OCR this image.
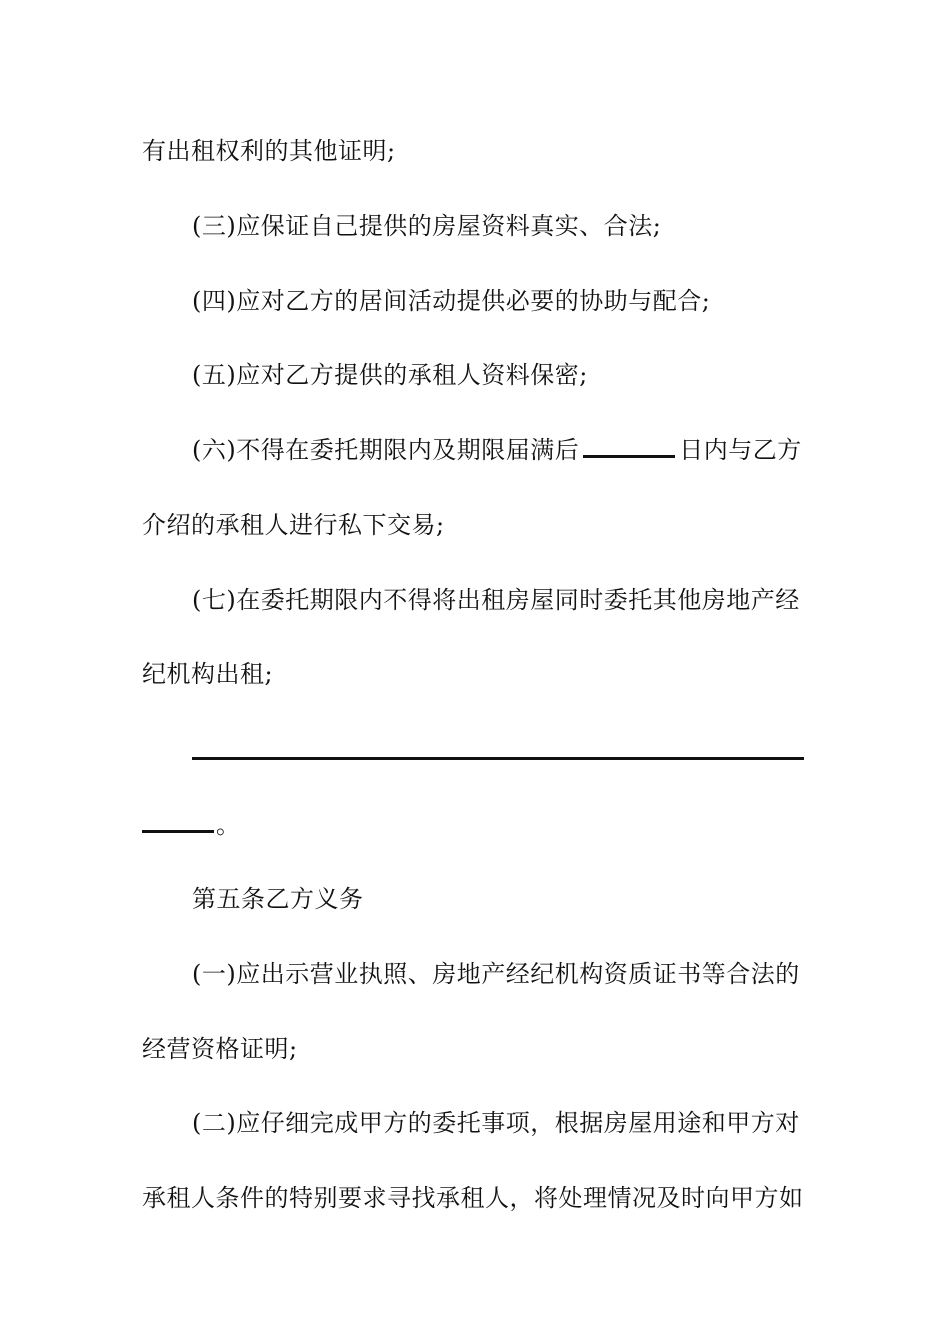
有出租权利的其他证明;
(三)应保证自己提供的房屋资料真实、合法;
(四)应对乙方的居间活动提供必要的协助与配合;
(五)应对乙方提供的承租人资料保密;
(六)不得在委托期限内及期限届满后	日内与乙方
介绍的承租人进行私下交易;
(七)在委托期限内不得将出租房屋同时委托其他房地产经
纪机构出租;
。
第五条乙方义务
(一)应出示营业执照、房地产经纪机构资质证书等合法的
经营资格证明;
(二)应仔细完成甲方的委托事项，根据房屋用途和甲方对
承租人条件的特别要求寻找承租人，将处理情况及时向甲方如
